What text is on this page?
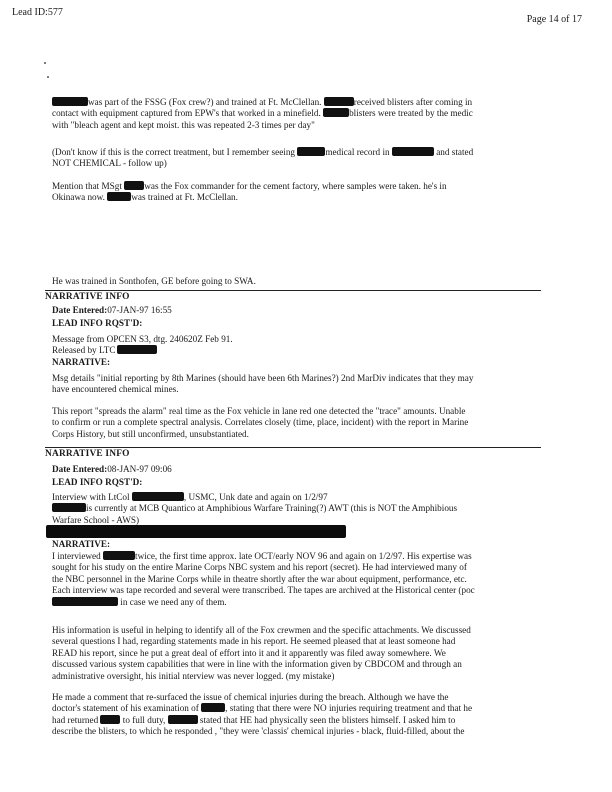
Lead ID:577
Page 14 of 17
was part of the FSSG (Fox crew?) and trained at Ft. McClellan.	received blisters after coming in
contact with equipment captured from EPW's that worked in a minefield.	blisters were treated by the medic
with "bleach agent and kept moist. this was repeated 2-3 times per day"
(Don't know if this is the correct treatment, but I remember seeing	medical record in	and stated
NOT CHEMICAL - follow up)
Mention that MSgt was the Fox commander for the cement factory, where samples were taken. he's in
Okinawa now.	was trained at Ft. McClellan.
He was trained in Sonthofen, GE before going to SWA.
NARRATIVE INFO
Date Entered:07-JAN-97 16:55
LEAD INFO RQST'D:
Message from OPCEN S3, dtg. 240620Z Feb 91.
Released by LTC
NARRATIVE:
Msg details "initial reporting by 8th Marines (should have been 6th Marines?) 2nd MarDiv indicates that they may
have encountered chemical mines.
This report "spreads the alarm" real time as the Fox vehicle in lane red one detected the "trace" amounts. Unable
to confirm or run a complete spectral analysis. Correlates closely (time, place, incident) with the report in Marine
Corps History, but still unconfirmed, unsubstantiated.
NARRATIVE INFO
Date Entered:08-JAN-97 09:06
LEAD INFO RQST'D:
Interview with LtCol	, USMC, Unk date and again on 1/2/97
is currently at MCB Quantico at Amphibious Warfare Training(?) AWT (this is NOT the Amphibious
Warfare School - AWS)
NARRATIVE:
I interviewed	twice, the first time approx. late OCT/early NOV 96 and again on 1/2/97. His expertise was
sought for his study on the entire Marine Corps NBC system and his report (secret). He had interviewed many of
the NBC personnel in the Marine Corps while in theatre shortly after the war about equipment, performance, etc.
Each interview was tape recorded and several were transcribed. The tapes are archived at the Historical center (poc
in case we need any of them.
His information is useful in helping to identify all of the Fox crewmen and the specific attachments. We discussed
several questions I had, regarding statements made in his report. He seemed pleased that at least someone had
READ his report, since he put a great deal of effort into it and it apparently was filed away somewhere. We
discussed various system capabilities that were in line with the information given by CBDCOM and through an
administrative oversight, his initial nterview was never logged. (my mistake)
He made a comment that re-surfaced the issue of chemical injuries during the breach. Although we have the
doctor's statement of his examination of	, stating that there were NO injuries requiring treatment and that he
had returned	to full duty,	stated that HE had physically seen the blisters himself. I asked him to
describe the blisters, to which he responded , "they were 'classis' chemical injuries - black, fluid-filled, about the
